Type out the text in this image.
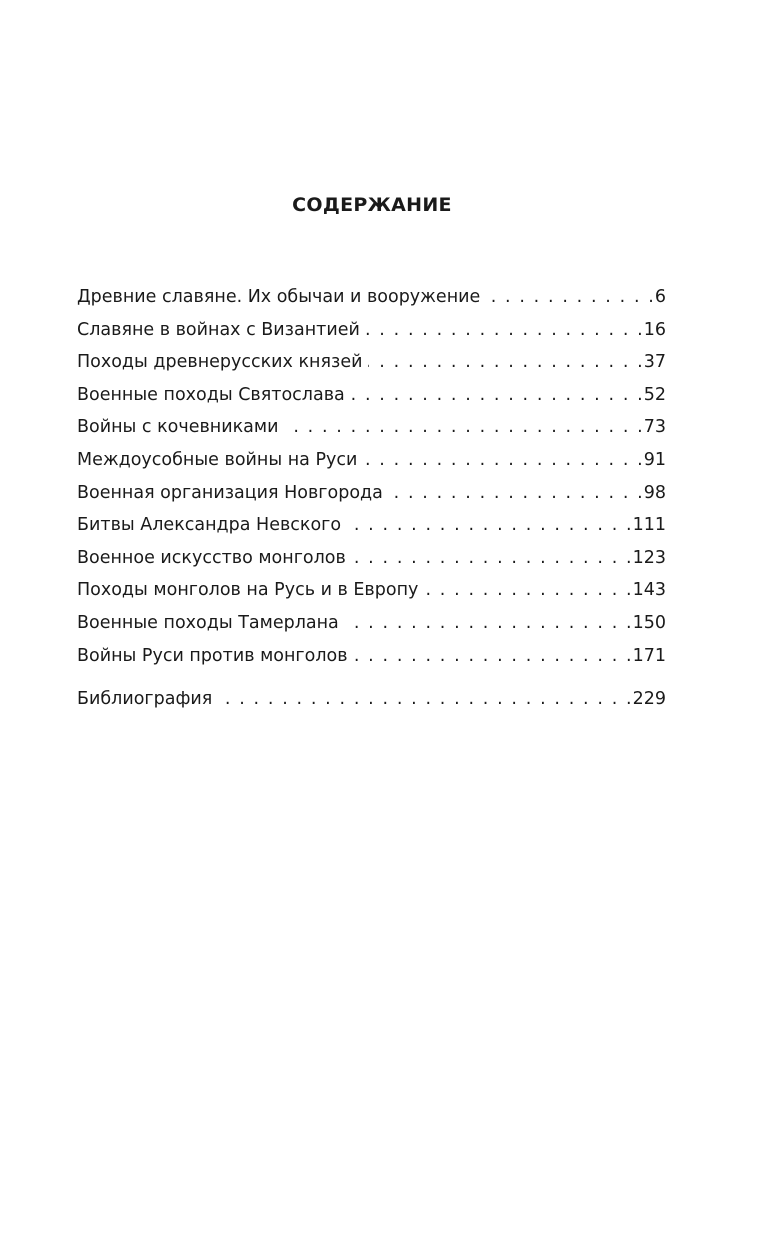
СОДЕРЖАНИЕ
Древние славяне. Их обычаи и вооружение . . .	6
Славяне в войнах с Византией . . .	16
Походы древнерусских князей . . .	37
Военные походы Святослава . . .	52
Войны с кочевниками . . .	73
Междоусобные войны на Руси . . .	91
Военная организация Новгорода . . .	98
Битвы Александра Невского . . .	111
Военное искусство монголов . . .	123
Походы монголов на Русь и в Европу . . .	143
Военные походы Тамерлана . . .	150
Войны Руси против монголов . . .	171
Библиография . . .	229
